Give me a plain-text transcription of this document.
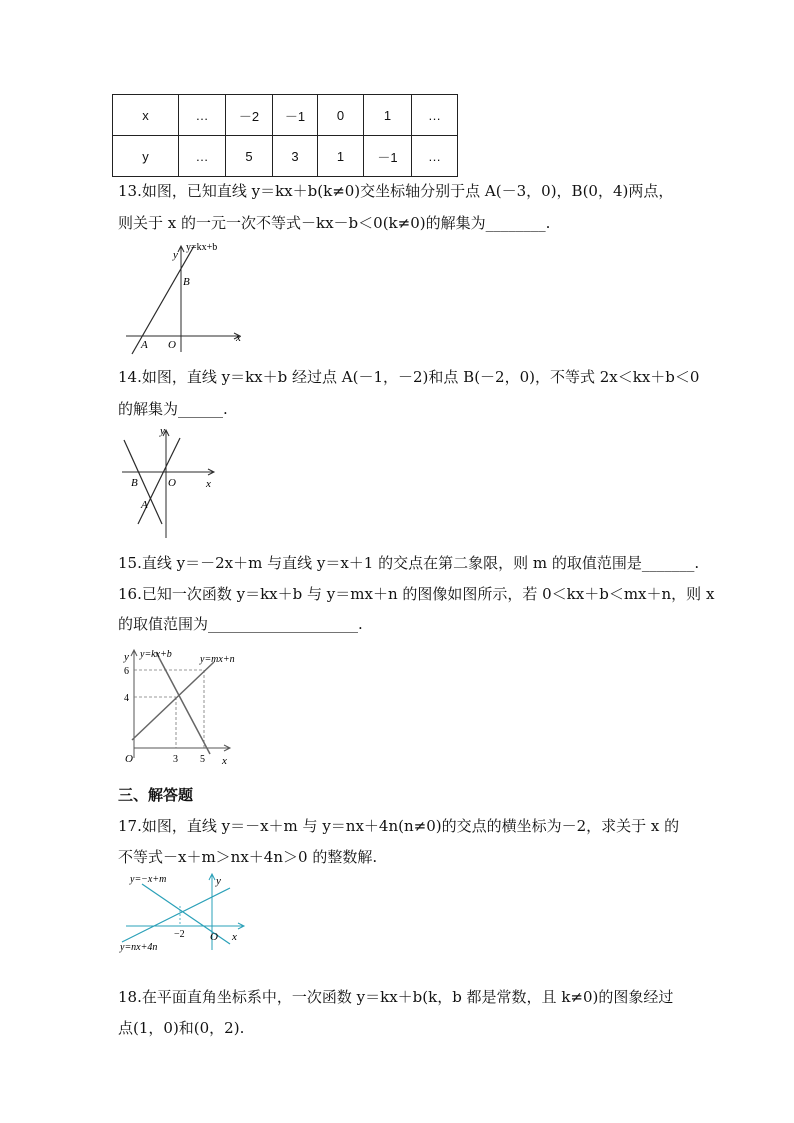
x	…	－2	－1	0	1	…
y	…	5	3	1	－1	…
13.如图，已知直线 y＝kx＋b(k≠0)交坐标轴分别于点 A(－3，0)，B(0，4)两点，
则关于 x 的一元一次不等式－kx－b＜0(k≠0)的解集为________.
y=kx+b
y
x
B
A O
14.如图，直线 y＝kx＋b 经过点 A(－1，－2)和点 B(－2，0)，不等式 2x＜kx＋b＜0
的解集为______.
y
x
B	O
A
15.直线 y＝－2x＋m 与直线 y＝x＋1 的交点在第二象限，则 m 的取值范围是_______.
16.已知一次函数 y＝kx＋b 与 y＝mx＋n 的图像如图所示，若 0＜kx＋b＜mx＋n，则 x
的取值范围为____________________.
y=kx+b	y=mx+n
y
x
O
6
4
3 5
三、解答题
17.如图，直线 y＝－x＋m 与 y＝nx＋4n(n≠0)的交点的横坐标为－2，求关于 x 的
不等式－x＋m＞nx＋4n＞0 的整数解.
y=−x+m
y=nx+4n
y
x
O
−2
18.在平面直角坐标系中，一次函数 y＝kx＋b(k，b 都是常数，且 k≠0)的图象经过
点(1，0)和(0，2).
